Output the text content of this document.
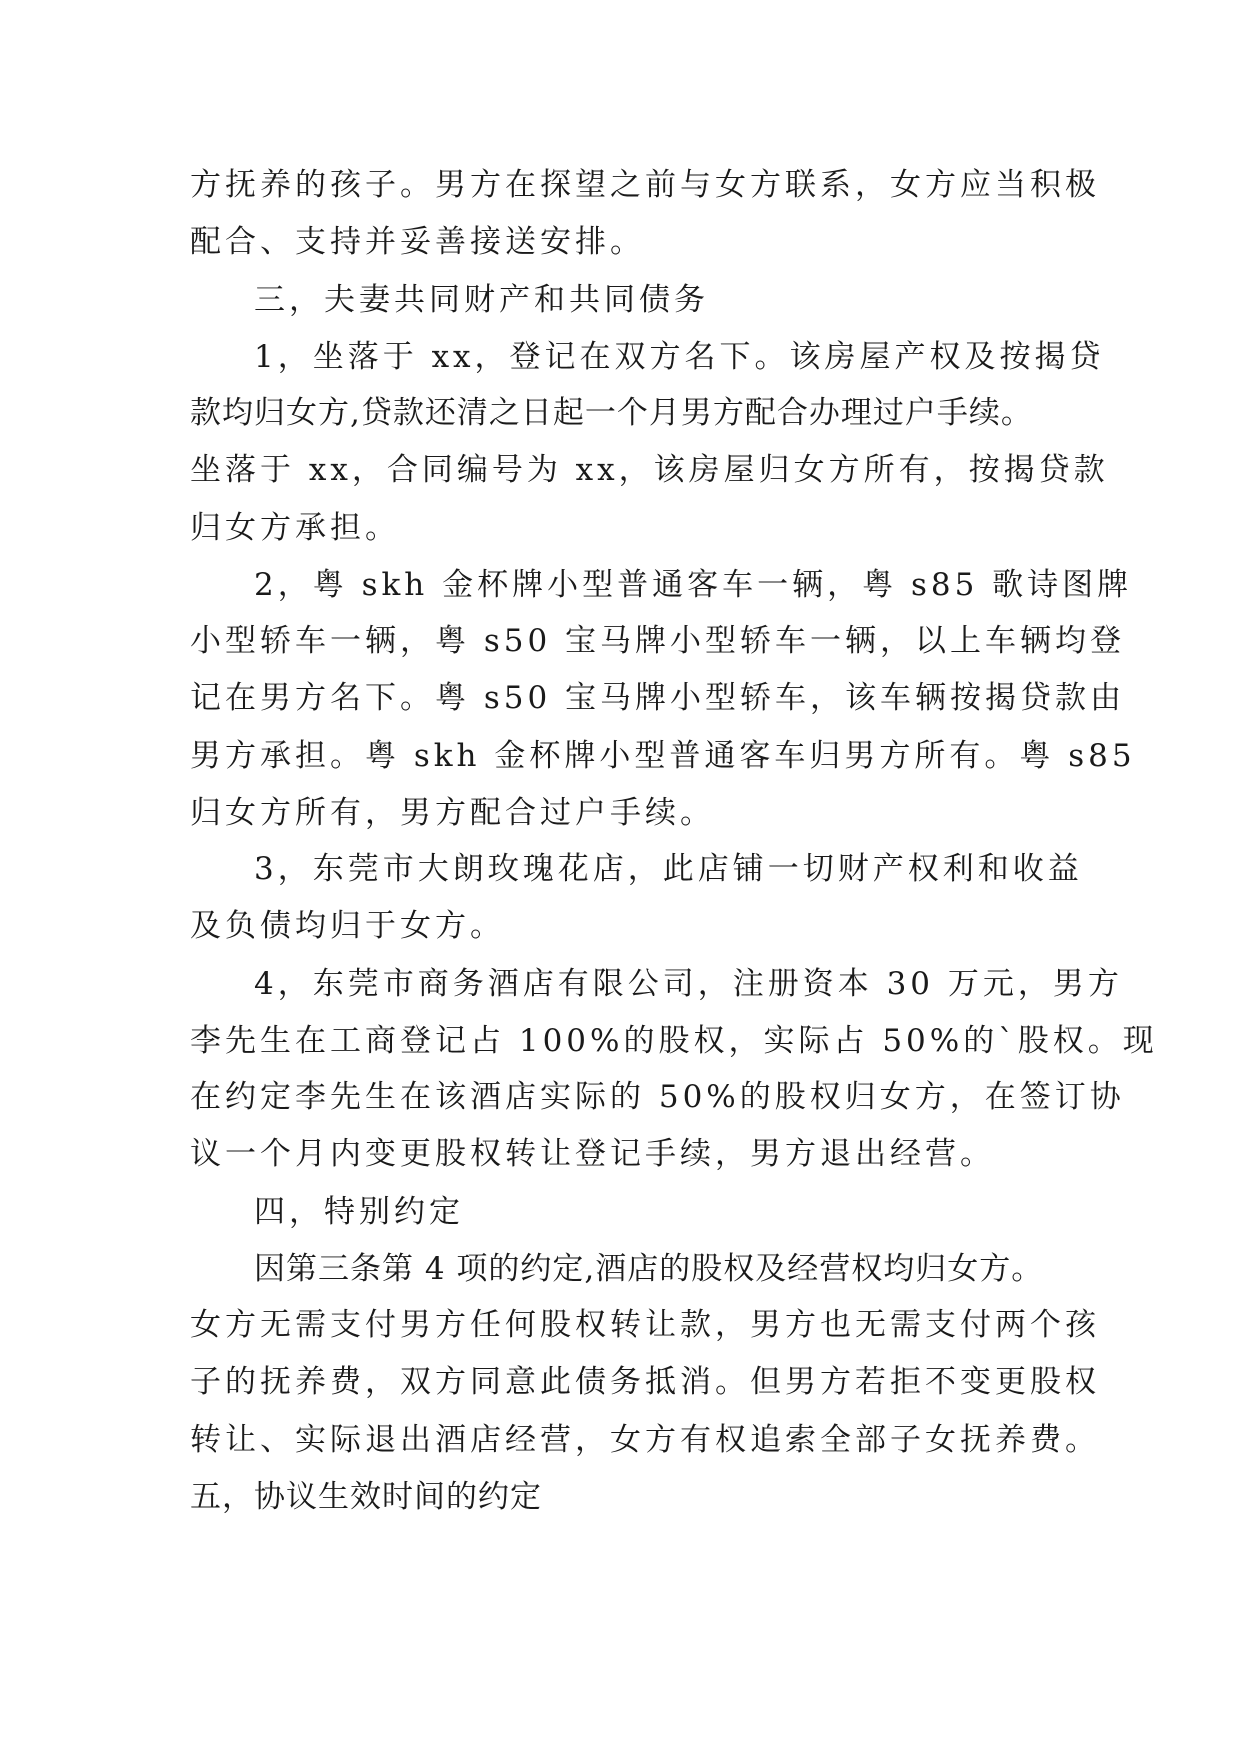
方抚养的孩子。男方在探望之前与女方联系，女方应当积极
配合、支持并妥善接送安排。
三，夫妻共同财产和共同债务
1，坐落于 xx，登记在双方名下。该房屋产权及按揭贷
款均归女方,贷款还清之日起一个月男方配合办理过户手续。
坐落于 xx，合同编号为 xx，该房屋归女方所有，按揭贷款
归女方承担。
2，粤 skh 金杯牌小型普通客车一辆，粤 s85 歌诗图牌
小型轿车一辆，粤 s50 宝马牌小型轿车一辆，以上车辆均登
记在男方名下。粤 s50 宝马牌小型轿车，该车辆按揭贷款由
男方承担。粤 skh 金杯牌小型普通客车归男方所有。粤 s85
归女方所有，男方配合过户手续。
3，东莞市大朗玫瑰花店，此店铺一切财产权利和收益
及负债均归于女方。
4，东莞市商务酒店有限公司，注册资本 30 万元，男方
李先生在工商登记占 100%的股权，实际占 50%的`股权。现
在约定李先生在该酒店实际的 50%的股权归女方，在签订协
议一个月内变更股权转让登记手续，男方退出经营。
四，特别约定
因第三条第 4 项的约定,酒店的股权及经营权均归女方。
女方无需支付男方任何股权转让款，男方也无需支付两个孩
子的抚养费，双方同意此债务抵消。但男方若拒不变更股权
转让、实际退出酒店经营，女方有权追索全部子女抚养费。
五，协议生效时间的约定
